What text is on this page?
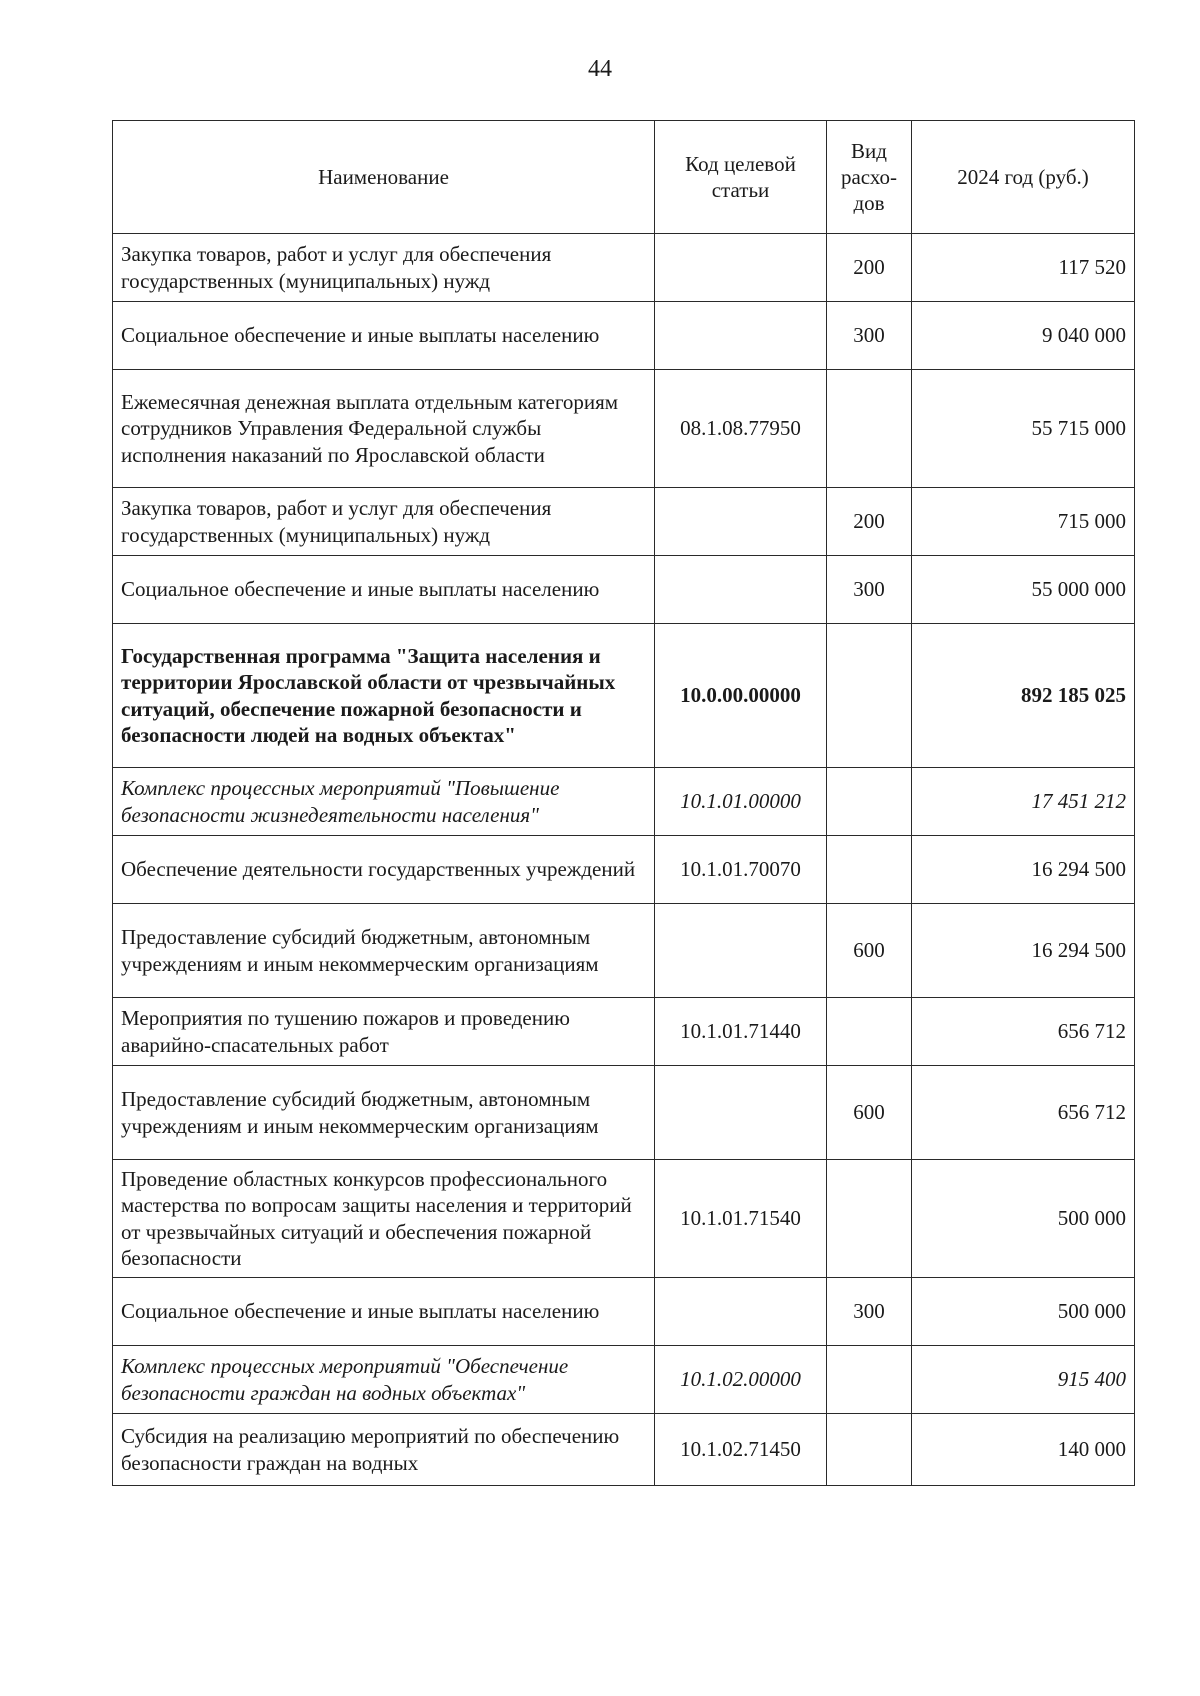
44
Наименование	Код целевой статьи	Вид расхо-дов	2024 год (руб.)
Закупка товаров, работ и услуг для обеспечения государственных (муниципальных) нужд		200	117 520
Социальное обеспечение и иные выплаты населению		300	9 040 000
Ежемесячная денежная выплата отдельным категориям сотрудников Управления Федеральной службы исполнения наказаний по Ярославской области	08.1.08.77950		55 715 000
Закупка товаров, работ и услуг для обеспечения государственных (муниципальных) нужд		200	715 000
Социальное обеспечение и иные выплаты населению		300	55 000 000
Государственная программа "Защита населения и территории Ярославской области от чрезвычайных ситуаций, обеспечение пожарной безопасности и безопасности людей на водных объектах"	10.0.00.00000		892 185 025
Комплекс процессных мероприятий "Повышение безопасности жизнедеятельности населения"	10.1.01.00000		17 451 212
Обеспечение деятельности государственных учреждений	10.1.01.70070		16 294 500
Предоставление субсидий бюджетным, автономным учреждениям и иным некоммерческим организациям		600	16 294 500
Мероприятия по тушению пожаров и проведению аварийно-спасательных работ	10.1.01.71440		656 712
Предоставление субсидий бюджетным, автономным учреждениям и иным некоммерческим организациям		600	656 712
Проведение областных конкурсов профессионального мастерства по вопросам защиты населения и территорий от чрезвычайных ситуаций и обеспечения пожарной безопасности	10.1.01.71540		500 000
Социальное обеспечение и иные выплаты населению		300	500 000
Комплекс процессных мероприятий "Обеспечение безопасности граждан на водных объектах"	10.1.02.00000		915 400
Субсидия на реализацию мероприятий по обеспечению безопасности граждан на водных	10.1.02.71450		140 000
